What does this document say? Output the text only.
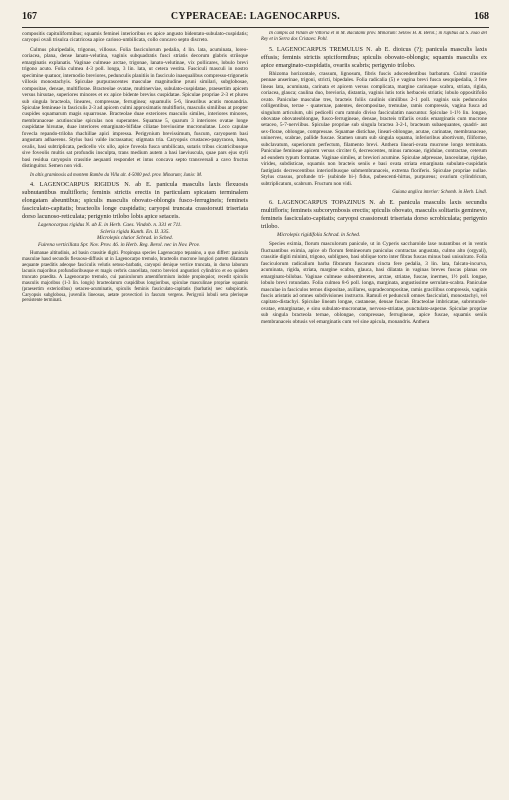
167	CYPERACEAE: LAGENOCARPUS.	168

compositis capituliformibus; squamis feminei interioribus ex apice angusto bidentato-subulato-cuspidatis; caryopsi ovali trisulca cicatricosa apice carioso-umbilicata, collo concavo septo discreto.

Culmus pluripedalis, trigonus, villosus. Folia fasciculorum pedalia, 4 lin. lata, acuminata, loreo-coriacea, plana, dense lanato-velutina, vaginis subquadratis fusci striatis decorum glabris striisque emarginatis explanatis. Vaginae culmeae arctae, trigonae, lanato-velutinae, vix pollicares, lobulo brevi trigono acuto. Folia culmea 4-3 poll. longa, 3 lin. lata, ut cetera vestita. Fasciculi masculi in nostro specimine quatuor, internodio breviores, pedunculis planitiis in fasciculo inaequalibus compresso-trigonetis villosis monostachyis. Spiculae purpurascentes masculae magnitudine pruni similari, subglobosae, compositae, densae, multiflorae. Bracteolae ovatae, multinerviae, subulato-cuspidatae, praesertim apicem versus hirsutae, superiores minores et ex apice bidente brevius cuspidatae. Spiculae propriae 2-3 et plures sub singula bracteola, lineares, compressae, ferruginea; squamulis 5-6, linearibus acutis monandria. Spiculae femineae in fasciculis 2-3 ad apicem culmi approximatis multifloris, masculis similibus at propter cuspides squamarum magis squarrosae. Bracteolae duae exteriores masculis similes, interiores minores, membranaceae acutiusculae spiculas non superantes. Squamae 5, quarum 3 interiores ovatae longe cuspidatae hirsutae, duae interiores emarginato-bifidae ciliatae breviusime mucronulatae. Loco capulae fovecla repando-triloba rhachillae apici impressa. Perigynium brevissimum, fuscum, caryopsem basi angustam adhaerens. Stylus basi valde incrassatus; stigmata tria. Caryopsis crustaceo-papyracea, lutea, ovalis, basi subtriplicata, pedicello vix ullo, apice foveola fusca umbilicata, sutaris tribus cicatricibusque sive foveolis multis sat profundis insculpta, trans medium autem a basi laeviuscula, quae pars ejus styli basi residua caryopsin crassitie aequanti respondet et intus concava septo transversali a cavo fructus distinguitur. Semen non vidi.

In altis graminosis ad montem Rambo da Villa alt. 4-5000 ped. prov. Minarum; Junio: M.

4. LAGENOCARPUS RIGIDUS N. ab E. panicula masculis laxis flexuosis subnutantibus multifloris; feminis strictis erectis in particulam spicatam terminalem elongatam abeuntibus; spiculis masculis obovato-oblongis fusco-ferrugineis; femineis fasciculato-capitatis; bracteolis longe cuspidatis; caryopsi truncata crassiorsuti triseriata dorso lacunoso-reticulata; perigynio trilobo lobis apice setaceis.

Lagenocarpus rigidus N. ab E. in Herb. Caes. Vindob. n. 331 et 711.

Scleria rigida Kunth. En. II. 335.

Microlepis clutior Schrad. in Sched.

Fuirena verticillata Spr. Nov. Prov. 46. in Herb. Reg. Berol. nec in Nov. Prov.

Humanae altitudinis, ad basin crassitie digiti. Propinqua species Lagenocarpo tepanino, a quo differt: panicula masculae haud secundis flexuoso-diffusis ut in Lagenocarpo tremulo, bracteolis mucrone longiori partem dilatatam aequante praeditis adeoque fasciculis velutis setoso-barbatis, caryopsi denique vertice truncata, in dorso laborum lacunis majoribus profundioribusque et magis cerbris cancellata, rostro breviori angustiori cylindrico et eo quidem truncato praedita. A Lagenocarpo tremulo, cui paniculorum amentiformium indole propinquior, recedit spiculis masculis majoribus (1-3 lin. longis) bracteolarum cuspidibus longioribus, spiculae masculinae propriae squamis (praesertim exterioribus) setaceo-acuminatis, spiculis feminis fasciculato-capitatis (barbatis) nec subspicatis. Caryopsis subglobosa, juvenilis lineosus, aetate provectiori in fascum vergens. Perigynii lobuli seta plerisque persistente terminati.

In campis ad Villam de Vittoria et in M. Bacutami prov. Minarum: Sellow H. R. Berol.; in rupibus ad S. Joao del Rey et in Serra dos Cristaes: Pohl.

5. LAGENOCARPUS TREMULUS N. ab E. dioicus (?); panicula masculis laxis effusis; feminis strictis spiciformibus; spiculis obovato-oblongis; squamis masculis ex apice emarginato-cuspidatis, ovariis scabris; perigynio trilobo.

Rhizoma horizontale, crassum, lignosum, fibris fuscis adscendentibus barbatum. Culmi crassitie pennae anserinae, trigoni, stricti, bipedales. Folia radicalia (5) e vagina brevi fusca sesquipedalia, 3 fere lineas lata, acuminata, carinata et apicem versus complicata, margine carinaque scabra, striata, rigida, coriacea, glauca; caulina duo, brevioria, distantia, vaginis lutis totis herbaceis striatis; lobulo oppositifolio ovato. Paniculae masculae tres, bracteis foliis caulinis similibus 2-1 poll. vaginis suis pedunculos colligentibus, terrae - quaternae, patentes, decompositae, tremulae, ramis compressis, vagina fusca ad singulum articulum, ubi pedicelli cum ramulo diviso fasciculatim nascuntur. Spiculae 1-1½ lin. longae, obovatae obovateoblongae, fusco-ferrugineae, densae, bracteis trifariis ovatis emarginatis cum mucrone setaceo, 5-7-nerviibus. Spiculae propriae sub singula bractea 3-2-1, bracteam subaequantes, quadri- aut sex-florae, oblongae, compressae. Squamae distichae, lineari-oblongae, acutae, carinatae, membranaceae, uninerves, scabrae, pallide fuscae. Stamen unum sub singula squama, inferioribus abortivum, filiforme, subclavatum, superiorum perfectum, filamento brevi. Anthera lineari-ovata mucrone longo terminata. Paniculae femineae apicem versus circiter 6, decrescentes, minus ramosae, rigidulae, contractae, ceterum ad eundem typum formatae. Vaginae similes, at breviori acumine. Spiculae adpressae, lanceolatae, rigidae, virides, subdisticae, squamis non bracteis seniis e basi ovata striata emarginata subulato-cuspidatis fastigiatis decrescentibus interioribusque submembranaceis, extrema floriferis. Spiculae propriae nullae. Stylus crassus, profunde tri- (subinde bi-) fidus, pubescenti-hirtus, purpureus; ovarium cylindricum, subtriplicatum, scabrum. Fructum non vidi.

Guiana anglica interior: Schomb. in Herb. Lindl.

6. LAGENOCARPUS TOPAZINUS N. ab E. panicula masculis laxis secundis multifloris; femineis subcorymbosis erectis; spiculis obovato, masculis solitariis gemineve, femineis fasciculato-capitatis; caryopsi crassiorsuti triseriata dorso scrobiculata; perigynio trilobo.

Microlepis rigidifolia Schrad. in Sched.

Species eximia, florum masculorum panicule, ut in Cyperis saccharoide laxe nutantibus et in ventis fluctuantibus eximia, apice ob florum femineorum paniculas contractas angustata, culmo alto (orgyali), crassitie digiti minimi, trigono, subligneo, basi oblique torto inter fibras fuscas minus basi unisulcato. Folia fasciculorum radicalium barba fibrarum fuscarum cincta fere pedalia, 3 lin. lata, falcato-incurva, acuminata, rigida, striata, margine scabra, glauca, basi dilatata in vaginas breves fuscas planas ore emarginato-bilobas. Vaginae culmeae subsemiteretes, arctae, striatae, fuscae, inermes, 1½ poll. longae, lobulo brevi rotundato. Folia culmea 8-6 poll. longa, marginata, angustissime serrulato-scabra. Paniculae masculae in fasciculos ternos dispositae, axillares, supradecompositae, ramis gracilibus compressis, vaginis fuscis aristatis ad omnes subdivisiones instructo. Ramuli et pedunculi omnes fasciculati, monostachyi, vel capitato-distachyi. Spiculae lineam longae, castaneae, densae fuscae. Bracteolae imbricatae, subrotundo-ovatae, emarginatae, e sinu subulato-mucronatae, nervoso-striatae, punctulato-asperae. Spiculae propriae sub singula bracteola ternae, oblongae, compressae, ferrugineae, apice fuscae, squamis seniis membranaceis obtusis vel emarginatis cum vel sine apicula, monandris. Anthera
